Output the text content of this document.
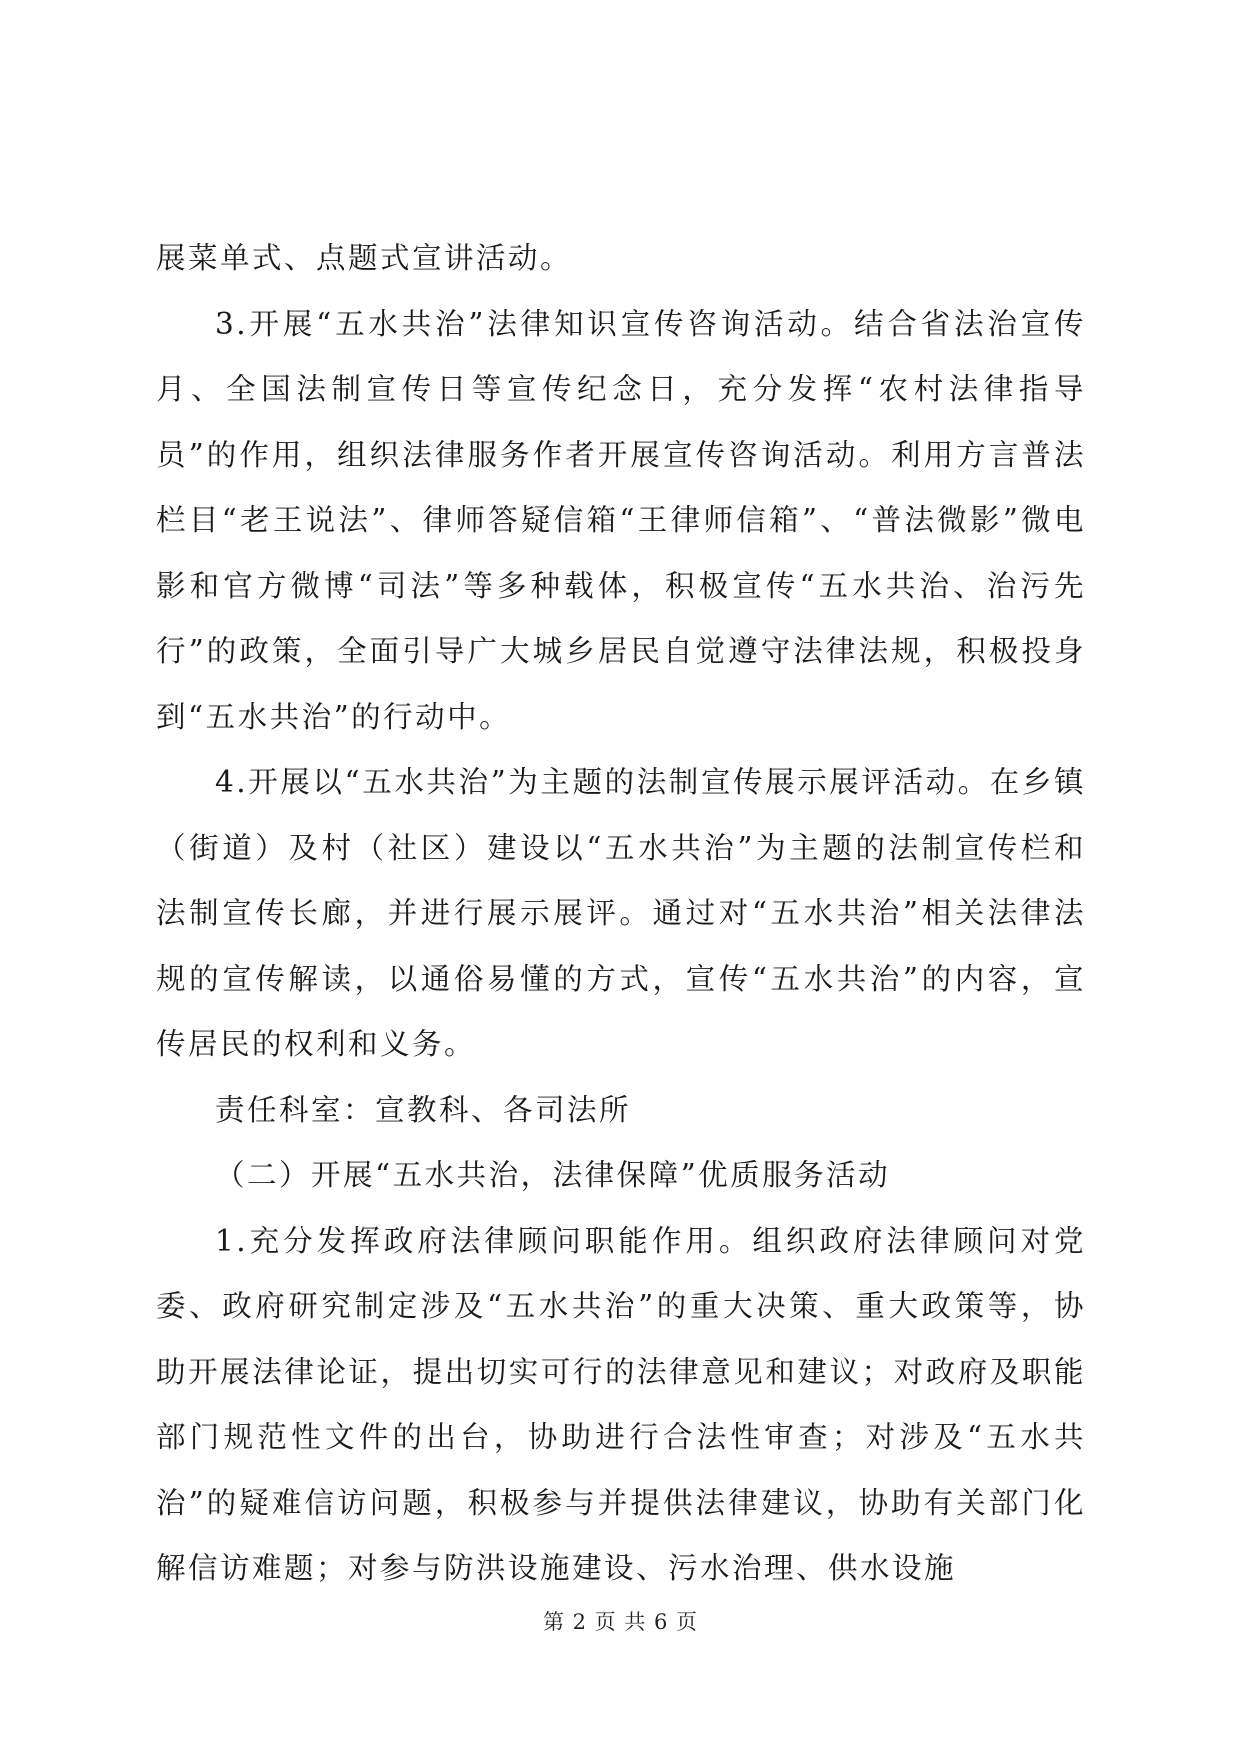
展菜单式、点题式宣讲活动。

3.开展“五水共治”法律知识宣传咨询活动。结合省法治宣传月、全国法制宣传日等宣传纪念日，充分发挥“农村法律指导员”的作用，组织法律服务作者开展宣传咨询活动。利用方言普法栏目“老王说法”、律师答疑信箱“王律师信箱”、“普法微影”微电影和官方微博“司法”等多种载体，积极宣传“五水共治、治污先行”的政策，全面引导广大城乡居民自觉遵守法律法规，积极投身到“五水共治”的行动中。

4.开展以“五水共治”为主题的法制宣传展示展评活动。在乡镇（街道）及村（社区）建设以“五水共治”为主题的法制宣传栏和法制宣传长廊，并进行展示展评。通过对“五水共治”相关法律法规的宣传解读，以通俗易懂的方式，宣传“五水共治”的内容，宣传居民的权利和义务。

责任科室：宣教科、各司法所

（二）开展“五水共治，法律保障”优质服务活动

1.充分发挥政府法律顾问职能作用。组织政府法律顾问对党委、政府研究制定涉及“五水共治”的重大决策、重大政策等，协助开展法律论证，提出切实可行的法律意见和建议；对政府及职能部门规范性文件的出台，协助进行合法性审查；对涉及“五水共治”的疑难信访问题，积极参与并提供法律建议，协助有关部门化解信访难题；对参与防洪设施建设、污水治理、供水设施

第 2 页 共 6 页
